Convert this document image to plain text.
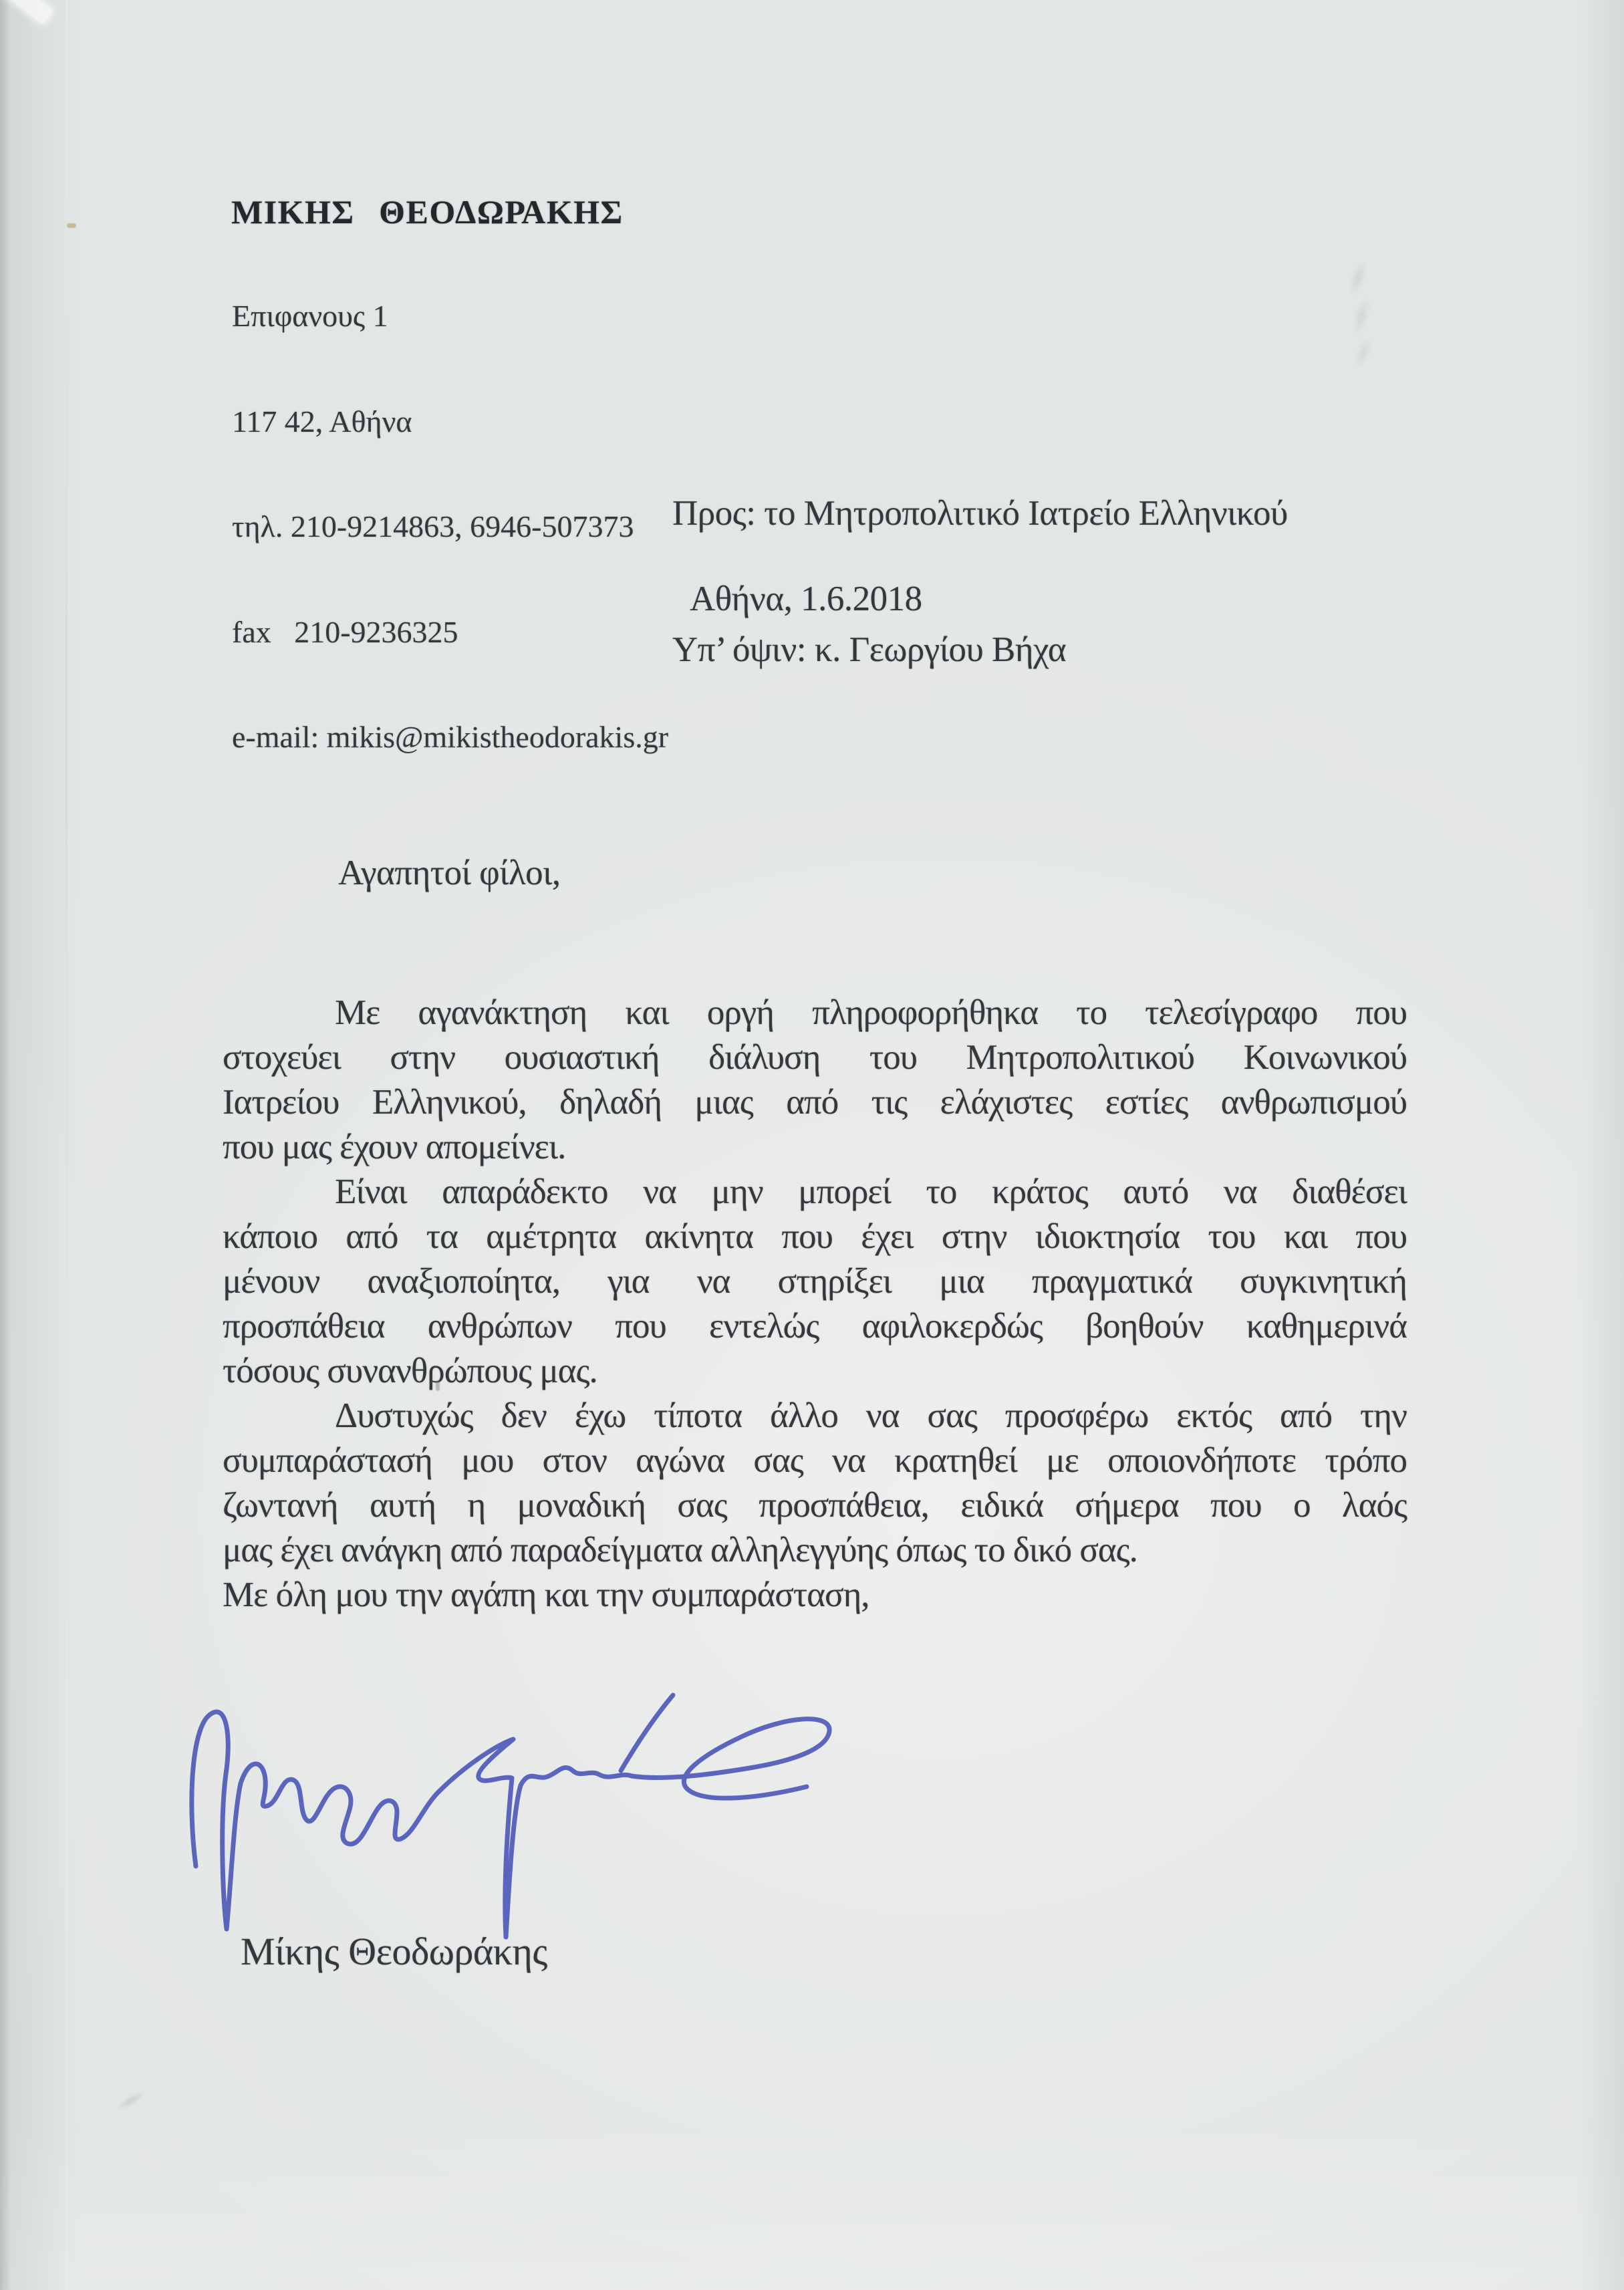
ΜΙΚΗΣ ΘΕΟΔΩΡΑΚΗΣ

Επιφανους 1

117 42, Αθήνα

τηλ. 210-9214863, 6946-507373

fax   210-9236325

e-mail: mikis@mikistheodorakis.gr

Προς: το Μητροπολιτικό Ιατρείο Ελληνικού

Υπ’ όψιν: κ. Γεωργίου Βήχα

Αθήνα, 1.6.2018
Αγαπητοί φίλοι,
Με αγανάκτηση και οργή πληροφορήθηκα το τελεσίγραφο που
στοχεύει στην ουσιαστική διάλυση του Μητροπολιτικού Κοινωνικού
Ιατρείου Ελληνικού, δηλαδή μιας από τις ελάχιστες εστίες ανθρωπισμού
που μας έχουν απομείνει.
Είναι απαράδεκτο να μην μπορεί το κράτος αυτό να διαθέσει
κάποιο από τα αμέτρητα ακίνητα που έχει στην ιδιοκτησία του και που
μένουν αναξιοποίητα, για να στηρίξει μια πραγματικά συγκινητική
προσπάθεια ανθρώπων που εντελώς αφιλοκερδώς βοηθούν καθημερινά
τόσους συνανθρώπους μας.
Δυστυχώς δεν έχω τίποτα άλλο να σας προσφέρω εκτός από την
συμπαράστασή μου στον αγώνα σας να κρατηθεί με οποιονδήποτε τρόπο
ζωντανή αυτή η μοναδική σας προσπάθεια, ειδικά σήμερα που ο λαός
μας έχει ανάγκη από παραδείγματα αλληλεγγύης όπως το δικό σας.
Με όλη μου την αγάπη και την συμπαράσταση,
Μίκης Θεοδωράκης
